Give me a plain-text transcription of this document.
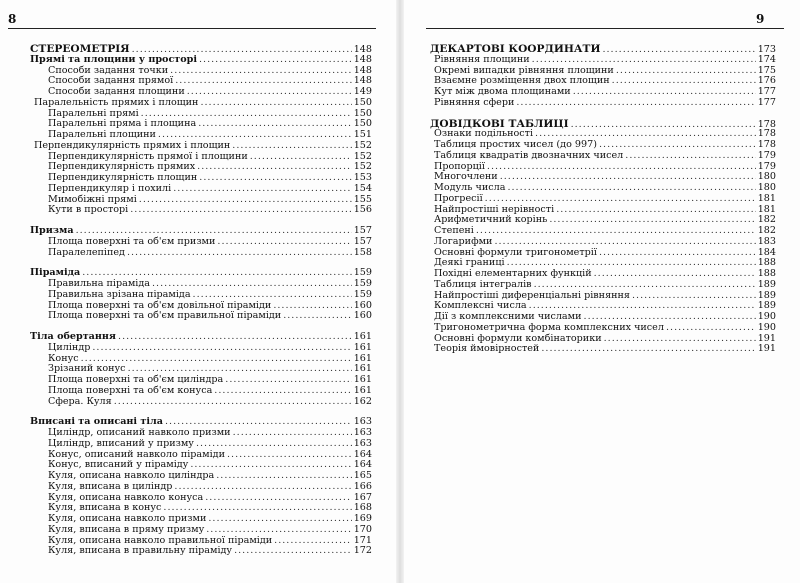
8
СТЕРЕОМЕТРІЯ .....	148
Прямі та площини у просторі .....	148
Способи задання точки .....	148
Способи задання прямої .....	148
Способи задання площини .....	149
Паралельність прямих і площин .....	150
Паралельні прямі .....	150
Паралельні пряма і площина .....	150
Паралельні площини .....	151
Перпендикулярність прямих і площин .....	152
Перпендикулярність прямої і площини .....	152
Перпендикулярність прямих .....	152
Перпендикулярність площин .....	153
Перпендикуляр і похилі .....	154
Мимобіжні прямі .....	155
Кути в просторі .....	156
Призма .....	157
Площа поверхні та об'єм призми .....	157
Паралелепіпед .....	158
Піраміда .....	159
Правильна піраміда .....	159
Правильна зрізана піраміда .....	159
Площа поверхні та об'єм довільної піраміди .....	160
Площа поверхні та об'єм правильної піраміди .....	160
Тіла обертання .....	161
Циліндр .....	161
Конус .....	161
Зрізаний конус .....	161
Площа поверхні та об'єм циліндра .....	161
Площа поверхні та об'єм конуса .....	161
Сфера. Куля .....	162
Вписані та описані тіла .....	163
Циліндр, описаний навколо призми .....	163
Циліндр, вписаний у призму .....	163
Конус, описаний навколо піраміди .....	164
Конус, вписаний у піраміду .....	164
Куля, описана навколо циліндра .....	165
Куля, вписана в циліндр .....	166
Куля, описана навколо конуса .....	167
Куля, вписана в конус .....	168
Куля, описана навколо призми .....	169
Куля, вписана в пряму призму .....	170
Куля, описана навколо правильної піраміди .....	171
Куля, вписана в правильну піраміду .....	172
9
ДЕКАРТОВІ КООРДИНАТИ .....	173
Рівняння площини .....	174
Окремі випадки рівняння площини .....	175
Взаємне розміщення двох площин .....	176
Кут між двома площинами .....	177
Рівняння сфери .....	177
ДОВІДКОВІ ТАБЛИЦІ .....	178
Ознаки подільності .....	178
Таблиця простих чисел (до 997) .....	178
Таблиця квадратів двозначних чисел .....	179
Пропорції .....	179
Многочлени .....	180
Модуль числа .....	180
Прогресії .....	181
Найпростіші нерівності .....	181
Арифметичний корінь .....	182
Степені .....	182
Логарифми .....	183
Основні формули тригонометрії .....	184
Деякі границі .....	188
Похідні елементарних функцій .....	188
Таблиця інтегралів .....	189
Найпростіші диференціальні рівняння .....	189
Комплексні числа .....	189
Дії з комплексними числами .....	190
Тригонометрична форма комплексних чисел .....	190
Основні формули комбінаторики .....	191
Теорія ймовірностей .....	191
